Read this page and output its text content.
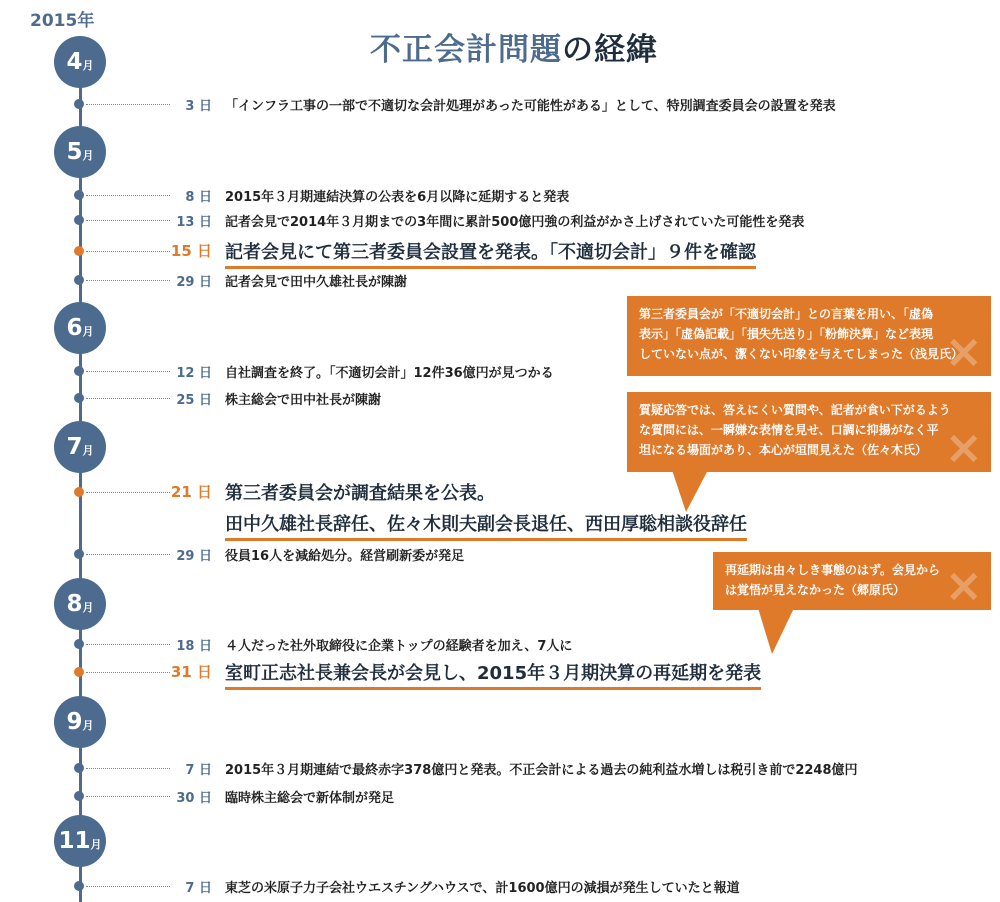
2015年
不正会計問題の経緯
4月
5月
6月
7月
8月
9月
11月
3 日 「インフラ工事の一部で不適切な会計処理があった可能性がある」として、特別調査委員会の設置を発表
8 日 2015年３月期連結決算の公表を6月以降に延期すると発表
13 日 記者会見で2014年３月期までの3年間に累計500億円強の利益がかさ上げされていた可能性を発表
15 日 記者会見にて第三者委員会設置を発表。「不適切会計」９件を確認
29 日 記者会見で田中久雄社長が陳謝
12 日 自社調査を終了。「不適切会計」12件36億円が見つかる
25 日 株主総会で田中社長が陳謝
21 日 第三者委員会が調査結果を公表。
田中久雄社長辞任、佐々木則夫副会長退任、西田厚聡相談役辞任
29 日 役員16人を減給処分。経営刷新委が発足
18 日 ４人だった社外取締役に企業トップの経験者を加え、7人に
31 日 室町正志社長兼会長が会見し、2015年３月期決算の再延期を発表
7 日 2015年３月期連結で最終赤字378億円と発表。不正会計による過去の純利益水増しは税引き前で2248億円
30 日 臨時株主総会で新体制が発足
7 日 東芝の米原子力子会社ウエスチングハウスで、計1600億円の減損が発生していたと報道
第三者委員会が「不適切会計」との言葉を用い、「虚偽
表示」「虚偽記載」「損失先送り」「粉飾決算」など表現
していない点が、潔くない印象を与えてしまった（浅見氏）
×
質疑応答では、答えにくい質問や、記者が食い下がるよう
な質問には、一瞬嫌な表情を見せ、口調に抑揚がなく平
坦になる場面があり、本心が垣間見えた（佐々木氏） ×
再延期は由々しき事態のはず。会見から
は覚悟が見えなかった（郷原氏） ×
